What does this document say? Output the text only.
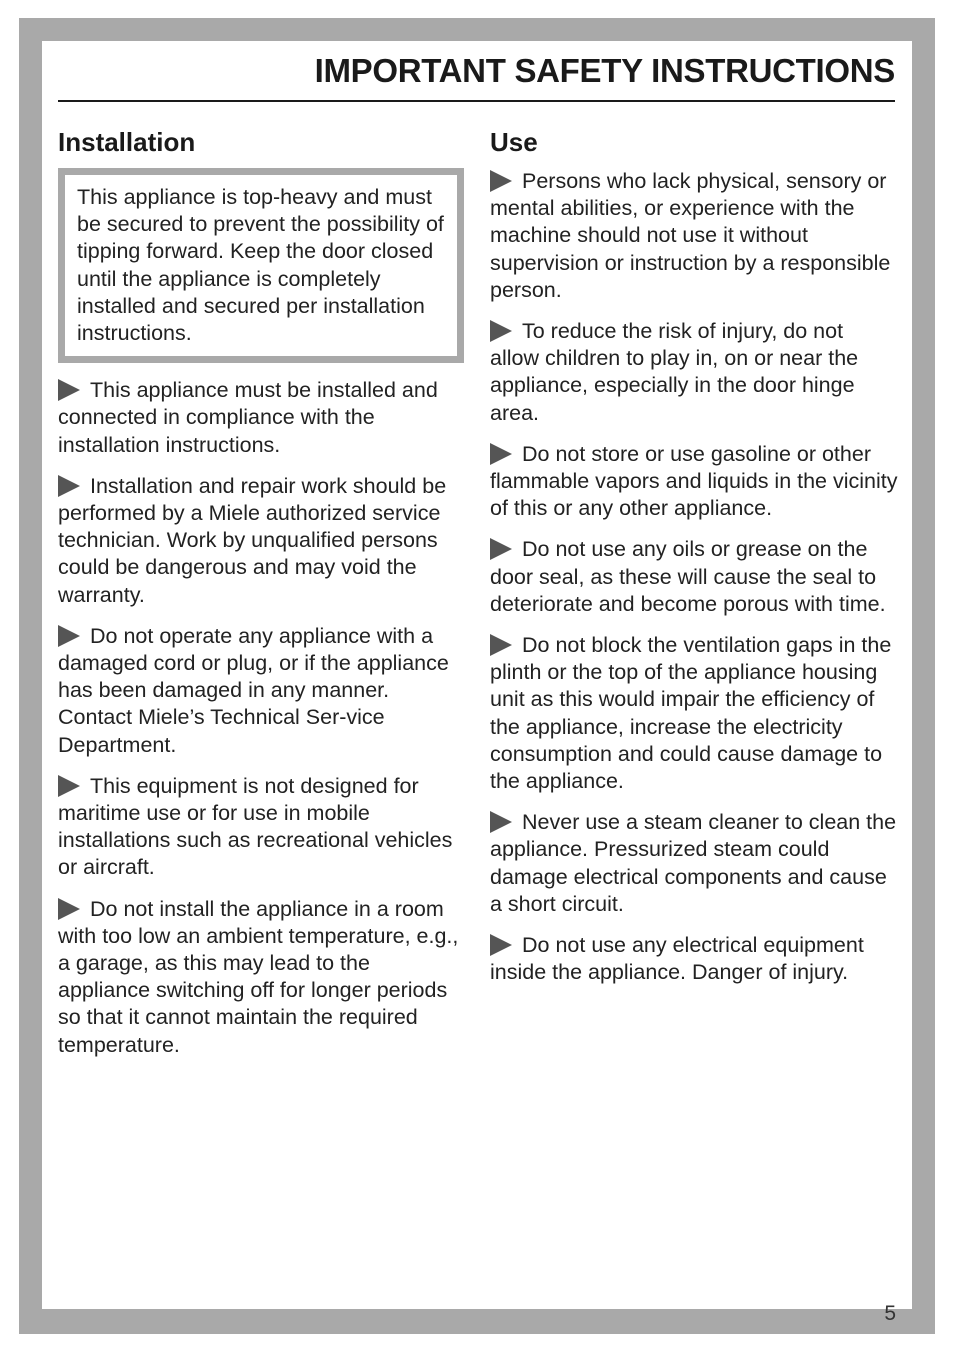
IMPORTANT SAFETY INSTRUCTIONS
Installation
This appliance is top-heavy and must be secured to prevent the possibility of tipping forward. Keep the door closed until the appliance is completely installed and secured per installation instructions.

This appliance must be installed and connected in compliance with the installation instructions.

Installation and repair work should be performed by a Miele authorized service technician. Work by unqualified persons could be dangerous and may void the warranty.

Do not operate any appliance with a damaged cord or plug, or if the appliance has been damaged in any manner. Contact Miele’s Technical Ser-vice Department.

This equipment is not designed for maritime use or for use in mobile installations such as recreational vehicles or aircraft.

Do not install the appliance in a room with too low an ambient temperature, e.g., a garage, as this may lead to the appliance switching off for longer periods so that it cannot maintain the required temperature.

Use

Persons who lack physical, sensory or mental abilities, or experience with the machine should not use it without supervision or instruction by a responsible person.

To reduce the risk of injury, do not allow children to play in, on or near the appliance, especially in the door hinge area.

Do not store or use gasoline or other flammable vapors and liquids in the vicinity of this or any other appliance.

Do not use any oils or grease on the door seal, as these will cause the seal to deteriorate and become porous with time.

Do not block the ventilation gaps in the plinth or the top of the appliance housing unit as this would impair the efficiency of the appliance, increase the electricity consumption and could cause damage to the appliance.

Never use a steam cleaner to clean the appliance. Pressurized steam could damage electrical components and cause a short circuit.

Do not use any electrical equipment inside the appliance. Danger of injury.

5
